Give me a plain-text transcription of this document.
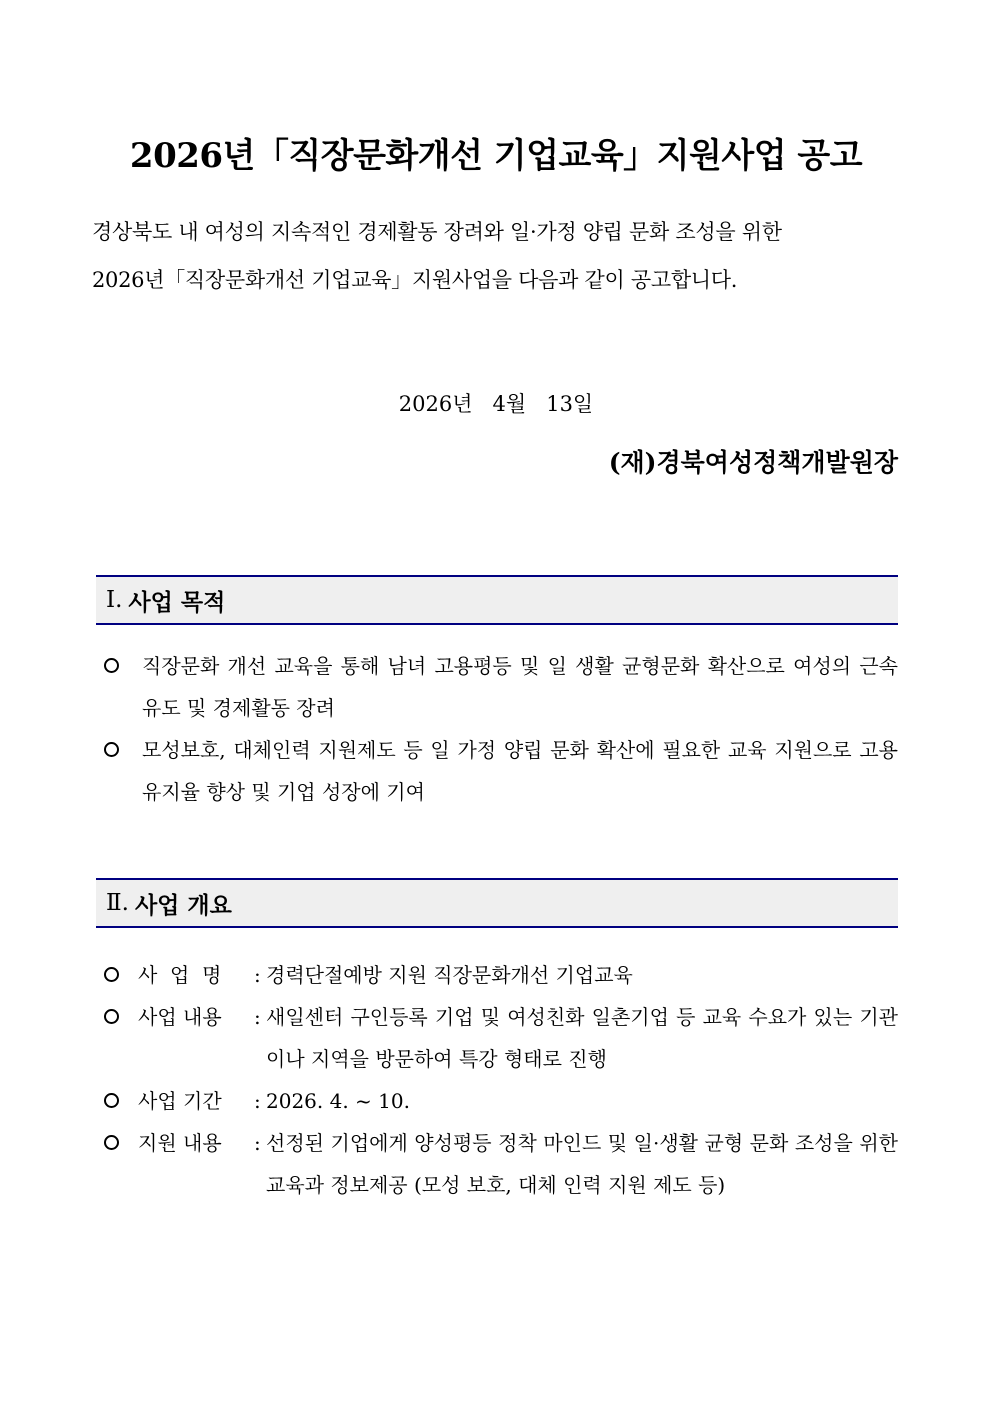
2026년「직장문화개선 기업교육」지원사업 공고

경상북도 내 여성의 지속적인 경제활동 장려와 일·가정 양립 문화 조성을 위한

2026년「직장문화개선 기업교육」지원사업을 다음과 같이 공고합니다.

2026년   4월   13일
(재)경북여성정책개발원장
Ⅰ. 사업 목적
직장문화 개선 교육을 통해 남녀 고용평등 및 일 생활 균형문화 확산으로 여성의 근속 유도 및 경제활동 장려
모성보호, 대체인력 지원제도 등 일 가정 양립 문화 확산에 필요한 교육 지원으로 고용유지율 향상 및 기업 성장에 기여
Ⅱ. 사업 개요
사  업  명 : 경력단절예방 지원 직장문화개선 기업교육
사업 내용 : 새일센터 구인등록 기업 및 여성친화 일촌기업 등 교육 수요가 있는 기관이나 지역을 방문하여 특강 형태로 진행
사업 기간 : 2026. 4. ~ 10.
지원 내용 : 선정된 기업에게 양성평등 정착 마인드 및 일·생활 균형 문화 조성을 위한 교육과 정보제공 (모성 보호, 대체 인력 지원 제도 등)
